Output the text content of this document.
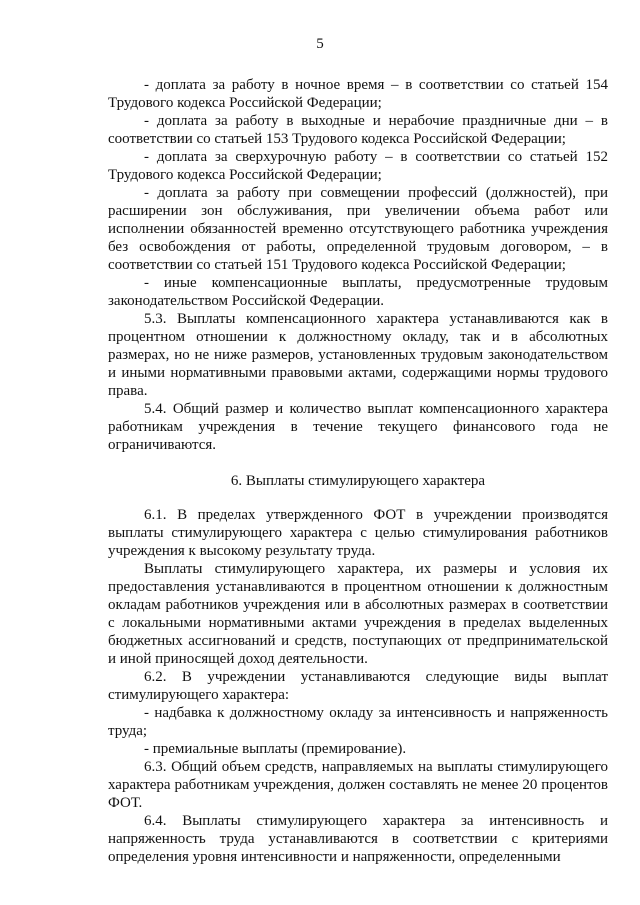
5

- доплата за работу в ночное время – в соответствии со статьей 154 Трудового кодекса Российской Федерации;

- доплата за работу в выходные и нерабочие праздничные дни – в соответствии со статьей 153 Трудового кодекса Российской Федерации;

- доплата за сверхурочную работу – в соответствии со статьей 152 Трудового кодекса Российской Федерации;

- доплата за работу при совмещении профессий (должностей), при расширении зон обслуживания, при увеличении объема работ или исполнении обязанностей временно отсутствующего работника учреждения без освобождения от работы, определенной трудовым договором, – в соответствии со статьей 151 Трудового кодекса Российской Федерации;

- иные компенсационные выплаты, предусмотренные трудовым законодательством Российской Федерации.

5.3. Выплаты компенсационного характера устанавливаются как в процентном отношении к должностному окладу, так и в абсолютных размерах, но не ниже размеров, установленных трудовым законодательством и иными нормативными правовыми актами, содержащими нормы трудового права.

5.4. Общий размер и количество выплат компенсационного характера работникам учреждения в течение текущего финансового года не ограничиваются.

6. Выплаты стимулирующего характера

6.1. В пределах утвержденного ФОТ в учреждении производятся выплаты стимулирующего характера с целью стимулирования работников учреждения к высокому результату труда.

Выплаты стимулирующего характера, их размеры и условия их предоставления устанавливаются в процентном отношении к должностным окладам работников учреждения или в абсолютных размерах в соответствии с локальными нормативными актами учреждения в пределах выделенных бюджетных ассигнований и средств, поступающих от предпринимательской и иной приносящей доход деятельности.

6.2. В учреждении устанавливаются следующие виды выплат стимулирующего характера:

- надбавка к должностному окладу за интенсивность и напряженность труда;

- премиальные выплаты (премирование).

6.3. Общий объем средств, направляемых на выплаты стимулирующего характера работникам учреждения, должен составлять не менее 20 процентов ФОТ.

6.4. Выплаты стимулирующего характера за интенсивность и напряженность труда устанавливаются в соответствии с критериями определения уровня интенсивности и напряженности, определенными
